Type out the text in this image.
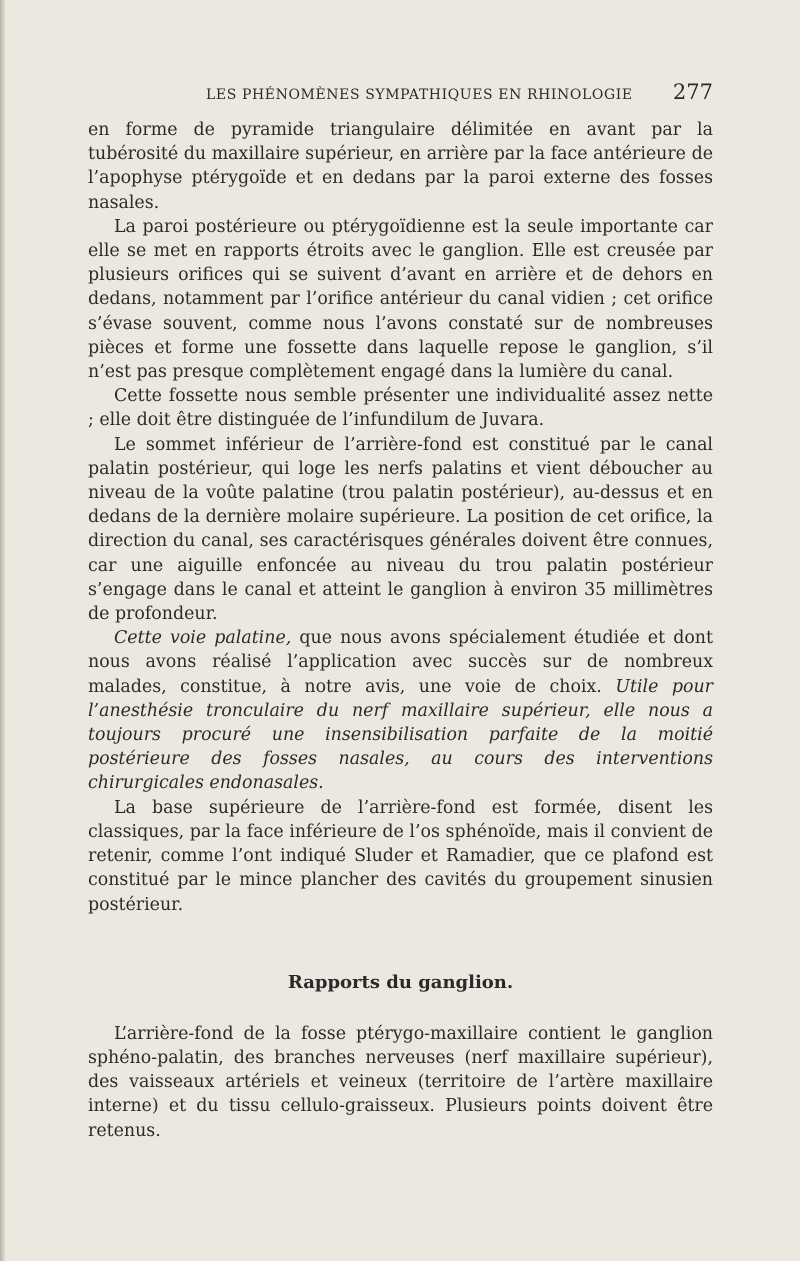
LES PHÉNOMÈNES SYMPATHIQUES EN RHINOLOGIE 277

en forme de pyramide triangulaire délimitée en avant par la tubérosité du maxillaire supérieur, en arrière par la face antérieure de l’apophyse ptérygoïde et en dedans par la paroi externe des fosses nasales.

La paroi postérieure ou ptérygoïdienne est la seule importante car elle se met en rapports étroits avec le ganglion. Elle est creusée par plusieurs orifices qui se suivent d’avant en arrière et de dehors en dedans, notamment par l’orifice antérieur du canal vidien ; cet orifice s’évase souvent, comme nous l’avons constaté sur de nombreuses pièces et forme une fossette dans laquelle repose le ganglion, s’il n’est pas presque complètement engagé dans la lumière du canal.

Cette fossette nous semble présenter une individualité assez nette ; elle doit être distinguée de l’infundilum de Juvara.

Le sommet inférieur de l’arrière-fond est constitué par le canal palatin postérieur, qui loge les nerfs palatins et vient déboucher au niveau de la voûte palatine (trou palatin postérieur), au-dessus et en dedans de la dernière molaire supérieure. La position de cet orifice, la direction du canal, ses caractérisques générales doivent être connues, car une aiguille enfoncée au niveau du trou palatin postérieur s’engage dans le canal et atteint le ganglion à environ 35 millimètres de profondeur.

Cette voie palatine, que nous avons spécialement étudiée et dont nous avons réalisé l’application avec succès sur de nombreux malades, constitue, à notre avis, une voie de choix. Utile pour l’anesthésie tronculaire du nerf maxillaire supérieur, elle nous a toujours procuré une insensibilisation parfaite de la moitié postérieure des fosses nasales, au cours des interventions chirurgicales endonasales.

La base supérieure de l’arrière-fond est formée, disent les classiques, par la face inférieure de l’os sphénoïde, mais il convient de retenir, comme l’ont indiqué Sluder et Ramadier, que ce plafond est constitué par le mince plancher des cavités du groupement sinusien postérieur.

Rapports du ganglion.

L’arrière-fond de la fosse ptérygo-maxillaire contient le ganglion sphéno-palatin, des branches nerveuses (nerf maxillaire supérieur), des vaisseaux artériels et veineux (territoire de l’artère maxillaire interne) et du tissu cellulo-graisseux. Plusieurs points doivent être retenus.
